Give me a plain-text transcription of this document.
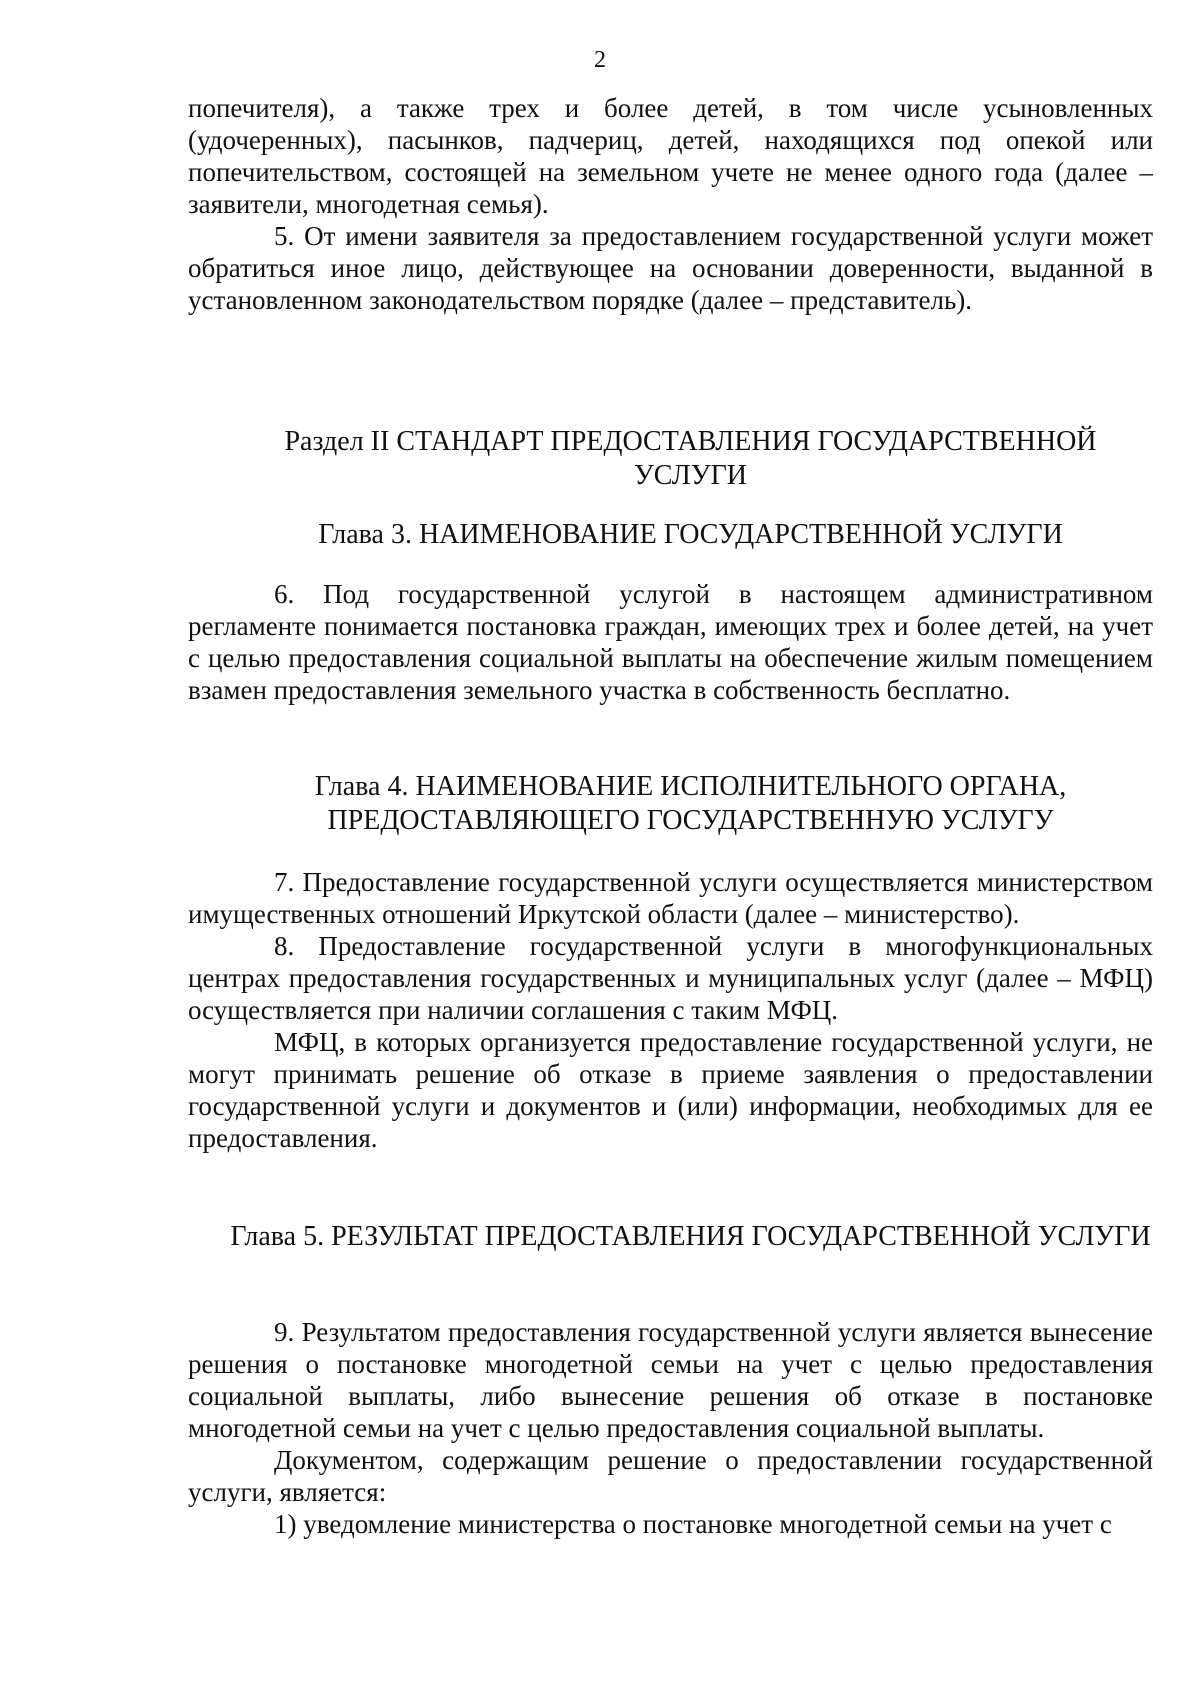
2

попечителя), а также трех и более детей, в том числе усыновленных (удочеренных), пасынков, падчериц, детей, находящихся под опекой или попечительством, состоящей на земельном учете не менее одного года (далее – заявители, многодетная семья).

5. От имени заявителя за предоставлением государственной услуги может обратиться иное лицо, действующее на основании доверенности, выданной в установленном законодательством порядке (далее – представитель).

Раздел II СТАНДАРТ ПРЕДОСТАВЛЕНИЯ ГОСУДАРСТВЕННОЙ УСЛУГИ
Глава 3. НАИМЕНОВАНИЕ ГОСУДАРСТВЕННОЙ УСЛУГИ

6. Под государственной услугой в настоящем административном регламенте понимается постановка граждан, имеющих трех и более детей, на учет с целью предоставления социальной выплаты на обеспечение жилым помещением взамен предоставления земельного участка в собственность бесплатно.

Глава 4. НАИМЕНОВАНИЕ ИСПОЛНИТЕЛЬНОГО ОРГАНА, ПРЕДОСТАВЛЯЮЩЕГО ГОСУДАРСТВЕННУЮ УСЛУГУ

7. Предоставление государственной услуги осуществляется министерством имущественных отношений Иркутской области (далее – министерство).

8. Предоставление государственной услуги в многофункциональных центрах предоставления государственных и муниципальных услуг (далее – МФЦ) осуществляется при наличии соглашения с таким МФЦ.

МФЦ, в которых организуется предоставление государственной услуги, не могут принимать решение об отказе в приеме заявления о предоставлении государственной услуги и документов и (или) информации, необходимых для ее предоставления.

Глава 5. РЕЗУЛЬТАТ ПРЕДОСТАВЛЕНИЯ ГОСУДАРСТВЕННОЙ УСЛУГИ

9. Результатом предоставления государственной услуги является вынесение решения о постановке многодетной семьи на учет с целью предоставления социальной выплаты, либо вынесение решения об отказе в постановке многодетной семьи на учет с целью предоставления социальной выплаты.

Документом, содержащим решение о предоставлении государственной услуги, является:

1) уведомление министерства о постановке многодетной семьи на учет с
